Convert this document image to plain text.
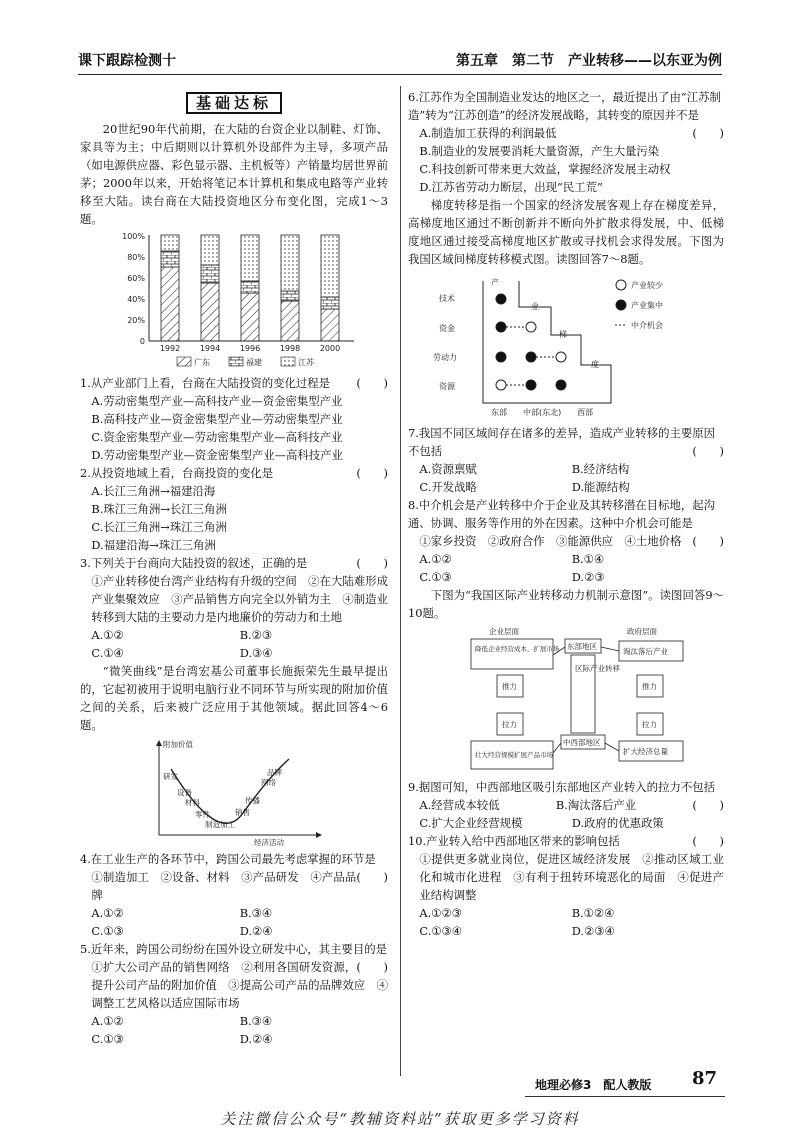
课下跟踪检测十	第五章　第二节　产业转移——以东亚为例
基础达标

20世纪90年代前期，在大陆的台资企业以制鞋、灯饰、家具等为主；中后期则以计算机外设部件为主导，多项产品（如电源供应器、彩色显示器、主机板等）产销量均居世界前茅；2000年以来，开始将笔记本计算机和集成电路等产业转移至大陆。读台商在大陆投资地区分布变化图，完成1～3题。

100%
80%
60%
40%
20%
0
1992 1994 1996 1998 2000
广东	福建	江苏
1.从产业部门上看，台商在大陆投资的变化过程是 (　　)
A.劳动密集型产业—高科技产业—资金密集型产业
B.高科技产业—资金密集型产业—劳动密集型产业
C.资金密集型产业—劳动密集型产业—高科技产业
D.劳动密集型产业—资金密集型产业—高科技产业
2.从投资地域上看，台商投资的变化是	(　　)
A.长江三角洲→福建沿海
B.珠江三角洲→长江三角洲
C.长江三角洲→珠江三角洲
D.福建沿海→珠江三角洲
3.下列关于台商向大陆投资的叙述，正确的是	(　　)

①产业转移使台湾产业结构有升级的空间　②在大陆难形成产业集聚效应　③产品销售方向完全以外销为主　④制造业转移到大陆的主要动力是内地廉价的劳动力和土地

A.①②	B.②③
C.①④	D.③④

“微笑曲线”是台湾宏基公司董事长施振荣先生最早提出的，它起初被用于说明电脑行业不同环节与所实现的附加价值之间的关系，后来被广泛应用于其他领域。据此回答4～6题。

附加价值
经济活动
研发
设备
材料
零件
制造加工
销售
传播
网络
品牌
4.在工业生产的各环节中，跨国公司最先考虑掌握的环节是
(　　)

①制造加工　②设备、材料　③产品研发　④产品品牌

A.①②	B.③④
C.①③	D.②④
5.近年来，跨国公司纷纷在国外设立研发中心，其主要目的是
(　　)

①扩大公司产品的销售网络　②利用各国研发资源，提升公司产品的附加价值　③提高公司产品的品牌效应　④调整工艺风格以适应国际市场

A.①②	B.③④
C.①③	D.②④
6.江苏作为全国制造业发达的地区之一，最近提出了由“江苏制造”转为“江苏创造”的经济发展战略，其转变的原因并不是
(　　)
A.制造加工获得的利润最低
B.制造业的发展要消耗大量资源，产生大量污染
C.科技创新可带来更大效益，掌握经济发展主动权
D.江苏省劳动力断层，出现“民工荒”

梯度转移是指一个国家的经济发展客观上存在梯度差异，高梯度地区通过不断创新并不断向外扩散求得发展，中、低梯度地区通过接受高梯度地区扩散或寻找机会求得发展。下图为我国区域间梯度转移模式图。读图回答7～8题。

产
业
梯
度
技术
资金
劳动力
资源
东部 中部(东北) 西部
产业较少
产业集中
中介机会
7.我国不同区域间存在诸多的差异，造成产业转移的主要原因不包括	(　　)
A.资源禀赋	B.经济结构
C.开发战略	D.能源结构
8.中介机会是产业转移中介于企业及其转移潜在目标地，起沟通、协调、服务等作用的外在因素。这种中介机会可能是
(　　)

①家乡投资　②政府合作　③能源供应　④土地价格

A.①②	B.①④
C.①③	D.②③

下图为“我国区际产业转移动力机制示意图”。读图回答9～10题。

企业层面	政府层面
降低企业经营成本，扩展市场
推力
拉力
壮大经营规模扩展产品市场
东部地区
区际产业转移
中西部地区
淘汰落后产业
推力
拉力
扩大经济总量
9.据图可知，中西部地区吸引东部地区产业转入的拉力不包括
(　　)
A.经营成本较低	B.淘汰落后产业
C.扩大企业经营规模	D.政府的优惠政策
10.产业转入给中西部地区带来的影响包括	(　　)

①提供更多就业岗位，促进区域经济发展　②推动区域工业化和城市化进程　③有利于扭转环境恶化的局面　④促进产业结构调整

A.①②③	B.①②④
C.①③④	D.②③④
地理必修3　配人教版 87
关注微信公众号“教辅资料站”获取更多学习资料
